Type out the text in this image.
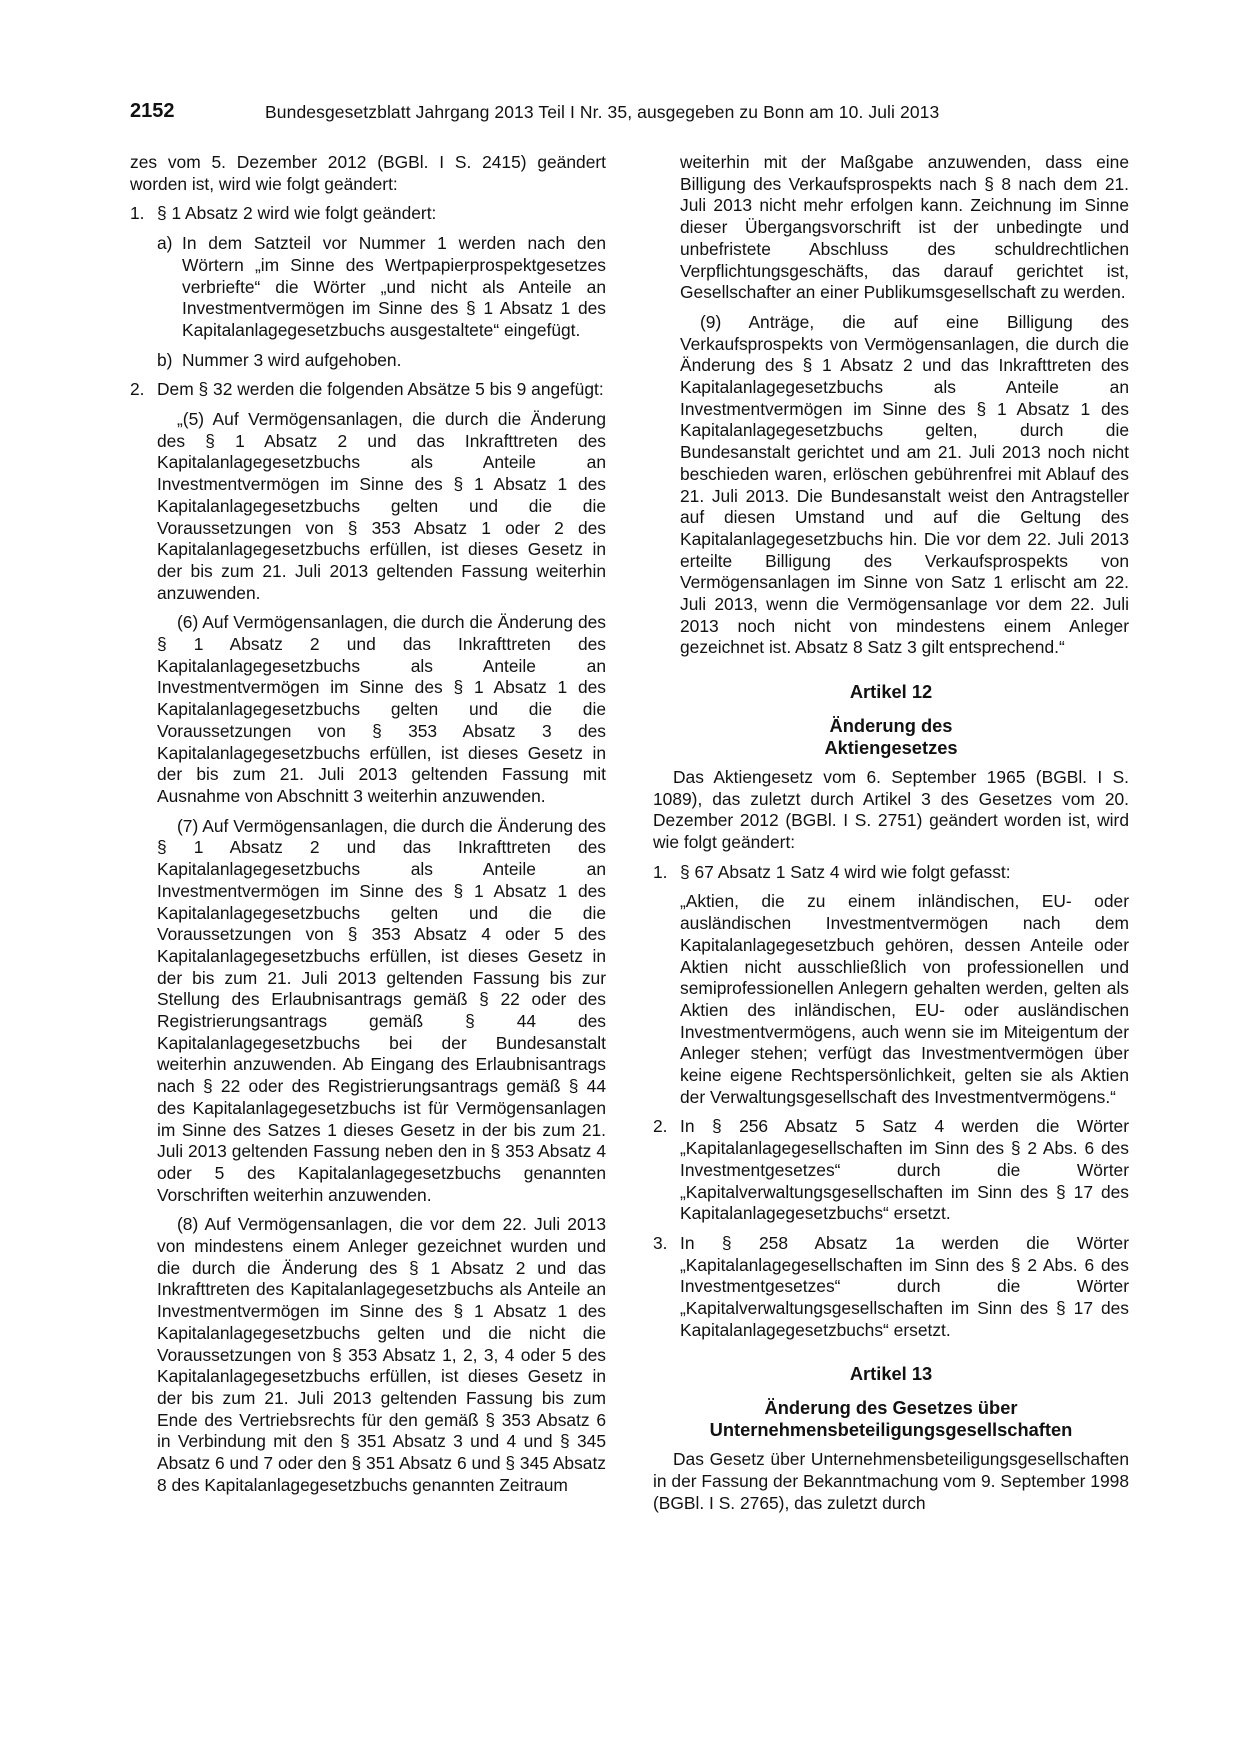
2152	Bundesgesetzblatt Jahrgang 2013 Teil I Nr. 35, ausgegeben zu Bonn am 10. Juli 2013

zes vom 5. Dezember 2012 (BGBl. I S. 2415) geändert worden ist, wird wie folgt geändert:

1. § 1 Absatz 2 wird wie folgt geändert:
a) In dem Satzteil vor Nummer 1 werden nach den Wörtern „im Sinne des Wertpapierprospektgesetzes verbriefte“ die Wörter „und nicht als Anteile an Investmentvermögen im Sinne des § 1 Absatz 1 des Kapitalanlagegesetzbuchs ausgestaltete“ eingefügt.
b) Nummer 3 wird aufgehoben.
2. Dem § 32 werden die folgenden Absätze 5 bis 9 angefügt:

„(5) Auf Vermögensanlagen, die durch die Änderung des § 1 Absatz 2 und das Inkrafttreten des Kapitalanlagegesetzbuchs als Anteile an Investmentvermögen im Sinne des § 1 Absatz 1 des Kapitalanlagegesetzbuchs gelten und die die Voraussetzungen von § 353 Absatz 1 oder 2 des Kapitalanlagegesetzbuchs erfüllen, ist dieses Gesetz in der bis zum 21. Juli 2013 geltenden Fassung weiterhin anzuwenden.

(6) Auf Vermögensanlagen, die durch die Änderung des § 1 Absatz 2 und das Inkrafttreten des Kapitalanlagegesetzbuchs als Anteile an Investmentvermögen im Sinne des § 1 Absatz 1 des Kapitalanlagegesetzbuchs gelten und die die Voraussetzungen von § 353 Absatz 3 des Kapitalanlagegesetzbuchs erfüllen, ist dieses Gesetz in der bis zum 21. Juli 2013 geltenden Fassung mit Ausnahme von Abschnitt 3 weiterhin anzuwenden.

(7) Auf Vermögensanlagen, die durch die Änderung des § 1 Absatz 2 und das Inkrafttreten des Kapitalanlagegesetzbuchs als Anteile an Investmentvermögen im Sinne des § 1 Absatz 1 des Kapitalanlagegesetzbuchs gelten und die die Voraussetzungen von § 353 Absatz 4 oder 5 des Kapitalanlagegesetzbuchs erfüllen, ist dieses Gesetz in der bis zum 21. Juli 2013 geltenden Fassung bis zur Stellung des Erlaubnisantrags gemäß § 22 oder des Registrierungsantrags gemäß § 44 des Kapitalanlagegesetzbuchs bei der Bundesanstalt weiterhin anzuwenden. Ab Eingang des Erlaubnisantrags nach § 22 oder des Registrierungsantrags gemäß § 44 des Kapitalanlagegesetzbuchs ist für Vermögensanlagen im Sinne des Satzes 1 dieses Gesetz in der bis zum 21. Juli 2013 geltenden Fassung neben den in § 353 Absatz 4 oder 5 des Kapitalanlagegesetzbuchs genannten Vorschriften weiterhin anzuwenden.

(8) Auf Vermögensanlagen, die vor dem 22. Juli 2013 von mindestens einem Anleger gezeichnet wurden und die durch die Änderung des § 1 Absatz 2 und das Inkrafttreten des Kapitalanlagegesetzbuchs als Anteile an Investmentvermögen im Sinne des § 1 Absatz 1 des Kapitalanlagegesetzbuchs gelten und die nicht die Voraussetzungen von § 353 Absatz 1, 2, 3, 4 oder 5 des Kapitalanlagegesetzbuchs erfüllen, ist dieses Gesetz in der bis zum 21. Juli 2013 geltenden Fassung bis zum Ende des Vertriebsrechts für den gemäß § 353 Absatz 6 in Verbindung mit den § 351 Absatz 3 und 4 und § 345 Absatz 6 und 7 oder den § 351 Absatz 6 und § 345 Absatz 8 des Kapitalanlagegesetzbuchs genannten Zeitraum

weiterhin mit der Maßgabe anzuwenden, dass eine Billigung des Verkaufsprospekts nach § 8 nach dem 21. Juli 2013 nicht mehr erfolgen kann. Zeichnung im Sinne dieser Übergangsvorschrift ist der unbedingte und unbefristete Abschluss des schuldrechtlichen Verpflichtungsgeschäfts, das darauf gerichtet ist, Gesellschafter an einer Publikumsgesellschaft zu werden.

(9) Anträge, die auf eine Billigung des Verkaufsprospekts von Vermögensanlagen, die durch die Änderung des § 1 Absatz 2 und das Inkrafttreten des Kapitalanlagegesetzbuchs als Anteile an Investmentvermögen im Sinne des § 1 Absatz 1 des Kapitalanlagegesetzbuchs gelten, durch die Bundesanstalt gerichtet und am 21. Juli 2013 noch nicht beschieden waren, erlöschen gebührenfrei mit Ablauf des 21. Juli 2013. Die Bundesanstalt weist den Antragsteller auf diesen Umstand und auf die Geltung des Kapitalanlagegesetzbuchs hin. Die vor dem 22. Juli 2013 erteilte Billigung des Verkaufsprospekts von Vermögensanlagen im Sinne von Satz 1 erlischt am 22. Juli 2013, wenn die Vermögensanlage vor dem 22. Juli 2013 noch nicht von mindestens einem Anleger gezeichnet ist. Absatz 8 Satz 3 gilt entsprechend.“

Artikel 12
Änderung des
Aktiengesetzes

Das Aktiengesetz vom 6. September 1965 (BGBl. I S. 1089), das zuletzt durch Artikel 3 des Gesetzes vom 20. Dezember 2012 (BGBl. I S. 2751) geändert worden ist, wird wie folgt geändert:

1. § 67 Absatz 1 Satz 4 wird wie folgt gefasst:

„Aktien, die zu einem inländischen, EU- oder ausländischen Investmentvermögen nach dem Kapitalanlagegesetzbuch gehören, dessen Anteile oder Aktien nicht ausschließlich von professionellen und semiprofessionellen Anlegern gehalten werden, gelten als Aktien des inländischen, EU- oder ausländischen Investmentvermögens, auch wenn sie im Miteigentum der Anleger stehen; verfügt das Investmentvermögen über keine eigene Rechtspersönlichkeit, gelten sie als Aktien der Verwaltungsgesellschaft des Investmentvermögens.“

2. In § 256 Absatz 5 Satz 4 werden die Wörter „Kapitalanlagegesellschaften im Sinn des § 2 Abs. 6 des Investmentgesetzes“ durch die Wörter „Kapitalverwaltungsgesellschaften im Sinn des § 17 des Kapitalanlagegesetzbuchs“ ersetzt.
3. In § 258 Absatz 1a werden die Wörter „Kapitalanlagegesellschaften im Sinn des § 2 Abs. 6 des Investmentgesetzes“ durch die Wörter „Kapitalverwaltungsgesellschaften im Sinn des § 17 des Kapitalanlagegesetzbuchs“ ersetzt.
Artikel 13
Änderung des Gesetzes über
Unternehmensbeteiligungsgesellschaften

Das Gesetz über Unternehmensbeteiligungsgesellschaften in der Fassung der Bekanntmachung vom 9. September 1998 (BGBl. I S. 2765), das zuletzt durch
